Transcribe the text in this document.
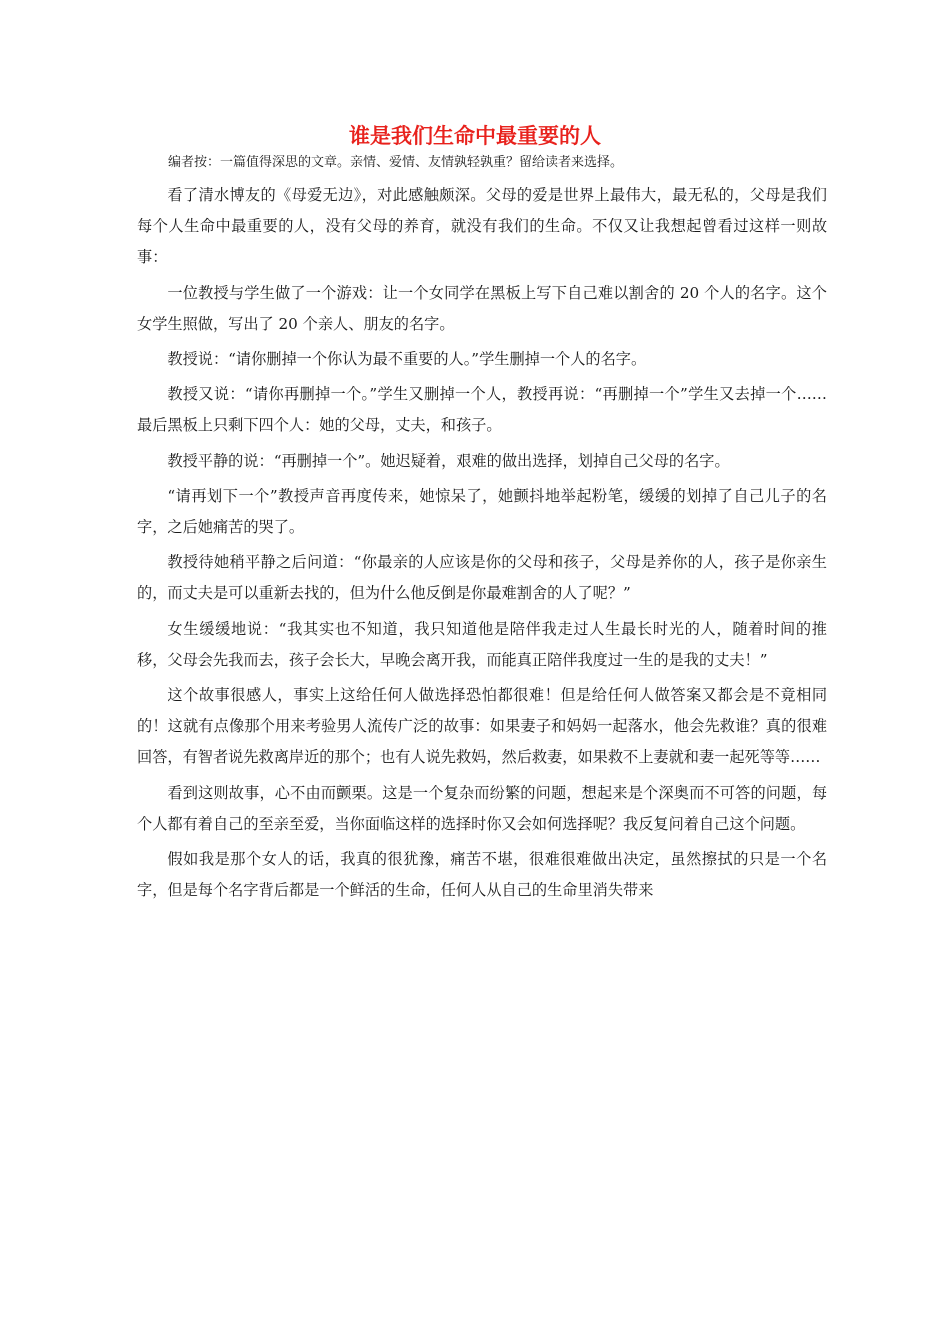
谁是我们生命中最重要的人

编者按：一篇值得深思的文章。亲情、爱情、友情孰轻孰重？留给读者来选择。

看了清水博友的《母爱无边》，对此感触颇深。父母的爱是世界上最伟大，最无私的，父母是我们每个人生命中最重要的人，没有父母的养育，就没有我们的生命。不仅又让我想起曾看过这样一则故事：

一位教授与学生做了一个游戏：让一个女同学在黑板上写下自己难以割舍的 20 个人的名字。这个女学生照做，写出了 20 个亲人、朋友的名字。

教授说：“请你删掉一个你认为最不重要的人。”学生删掉一个人的名字。

教授又说：“请你再删掉一个。”学生又删掉一个人，教授再说：“再删掉一个”学生又去掉一个……最后黑板上只剩下四个人：她的父母，丈夫，和孩子。

教授平静的说：“再删掉一个”。她迟疑着，艰难的做出选择，划掉自己父母的名字。

“请再划下一个”教授声音再度传来，她惊呆了，她颤抖地举起粉笔，缓缓的划掉了自己儿子的名字，之后她痛苦的哭了。

教授待她稍平静之后问道：“你最亲的人应该是你的父母和孩子，父母是养你的人，孩子是你亲生的，而丈夫是可以重新去找的，但为什么他反倒是你最难割舍的人了呢？”

女生缓缓地说：“我其实也不知道，我只知道他是陪伴我走过人生最长时光的人，随着时间的推移，父母会先我而去，孩子会长大，早晚会离开我，而能真正陪伴我度过一生的是我的丈夫！”

这个故事很感人，事实上这给任何人做选择恐怕都很难！但是给任何人做答案又都会是不竟相同的！这就有点像那个用来考验男人流传广泛的故事：如果妻子和妈妈一起落水，他会先救谁？真的很难回答，有智者说先救离岸近的那个；也有人说先救妈，然后救妻，如果救不上妻就和妻一起死等等……

看到这则故事，心不由而颤栗。这是一个复杂而纷繁的问题，想起来是个深奥而不可答的问题，每个人都有着自己的至亲至爱，当你面临这样的选择时你又会如何选择呢？我反复问着自己这个问题。

假如我是那个女人的话，我真的很犹豫，痛苦不堪，很难很难做出决定，虽然擦拭的只是一个名字，但是每个名字背后都是一个鲜活的生命，任何人从自己的生命里消失带来
